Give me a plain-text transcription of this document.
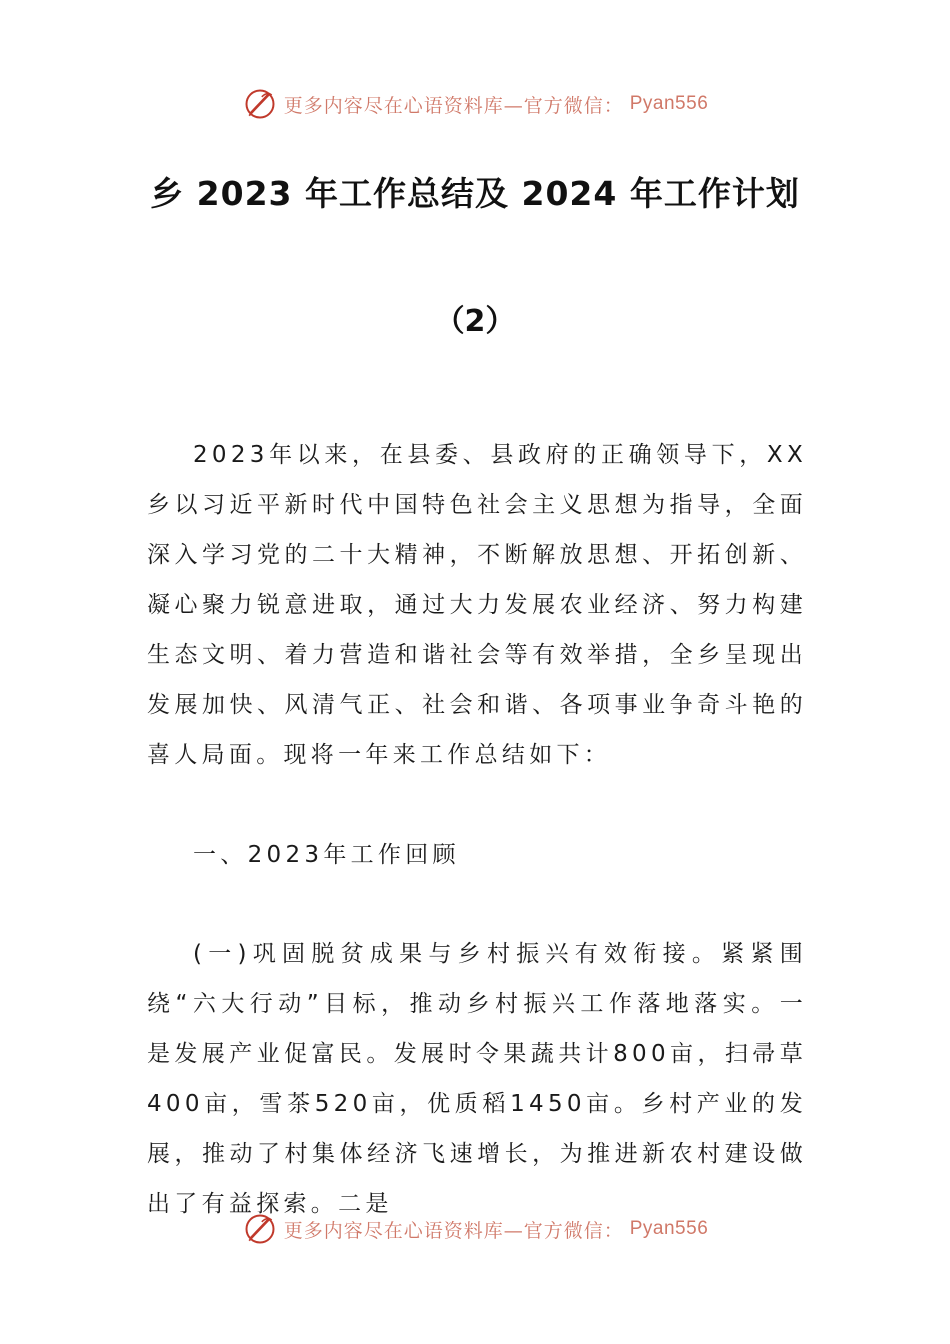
更多内容尽在心语资料库—官方微信： Pyan556
乡 2023 年工作总结及 2024 年工作计划
（2）

2023年以来，在县委、县政府的正确领导下，XX乡以习近平新时代中国特色社会主义思想为指导，全面深入学习党的二十大精神，不断解放思想、开拓创新、凝心聚力锐意进取，通过大力发展农业经济、努力构建生态文明、着力营造和谐社会等有效举措，全乡呈现出发展加快、风清气正、社会和谐、各项事业争奇斗艳的喜人局面。现将一年来工作总结如下：

一、2023年工作回顾

(一)巩固脱贫成果与乡村振兴有效衔接。紧紧围绕“六大行动”目标，推动乡村振兴工作落地落实。一是发展产业促富民。发展时令果蔬共计800亩，扫帚草400亩，雪茶520亩，优质稻1450亩。乡村产业的发展，推动了村集体经济飞速增长，为推进新农村建设做出了有益探索。二是

更多内容尽在心语资料库—官方微信： Pyan556
